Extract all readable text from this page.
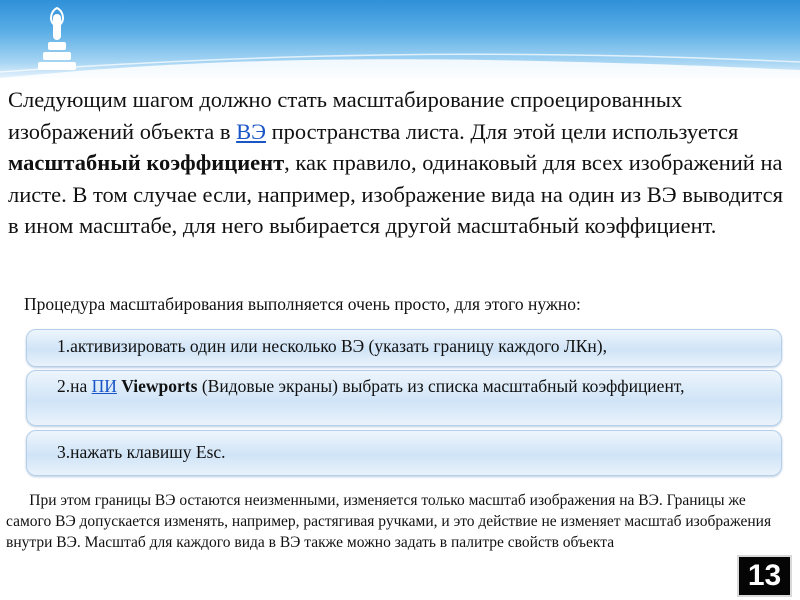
Следующим шагом должно стать масштабирование спроецированных изображений объекта в ВЭ пространства листа. Для этой цели используется масштабный коэффициент, как правило, одинаковый для всех изображений на листе. В том случае если, например, изображение вида на один из ВЭ выводится в ином масштабе, для него выбирается другой масштабный коэффициент.
Процедура масштабирования выполняется очень просто, для этого нужно:
1.активизировать один или несколько ВЭ (указать границу каждого ЛКн),
2.на ПИ Viewports (Видовые экраны) выбрать из списка масштабный коэффициент,
3.нажать клавишу Esc.
При этом границы ВЭ остаются неизменными, изменяется только масштаб изображения на ВЭ. Границы же самого ВЭ допускается изменять, например, растягивая ручками, и это действие не изменяет масштаб изображения внутри ВЭ. Масштаб для каждого вида в ВЭ также можно задать в палитре свойств объекта
13
